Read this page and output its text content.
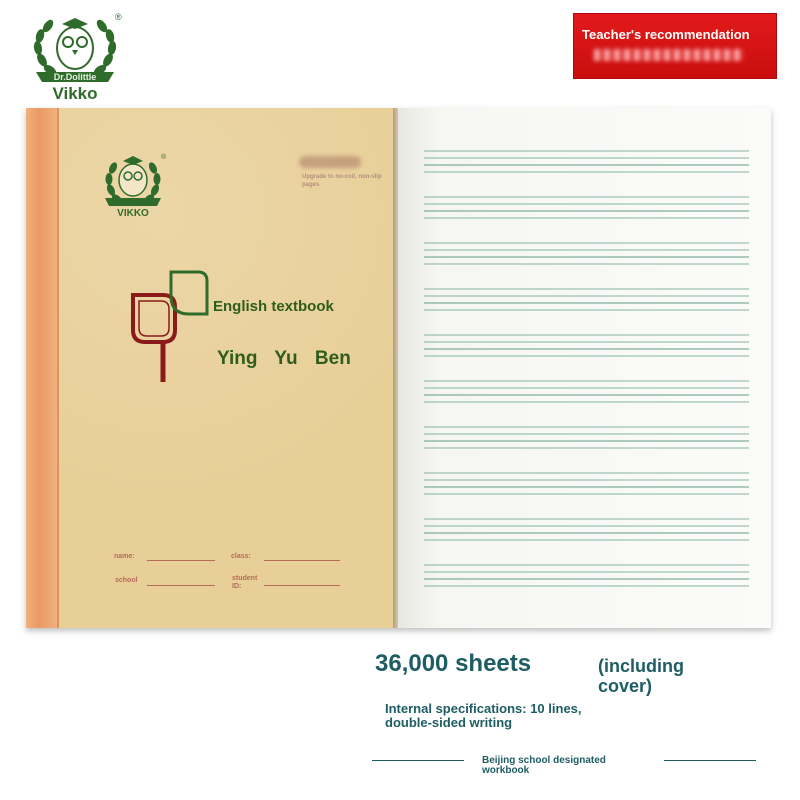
Dr.Dolittle
Vikko
®
Teacher's recommendation
VIKKO
®
Upgrade to no-coil, non-slip pages
English textbook
Ying Yu Ben
name:	class:
school	student ID:
36,000 sheets	(including cover)
Internal specifications: 10 lines, double-sided writing
Beijing school designated workbook
